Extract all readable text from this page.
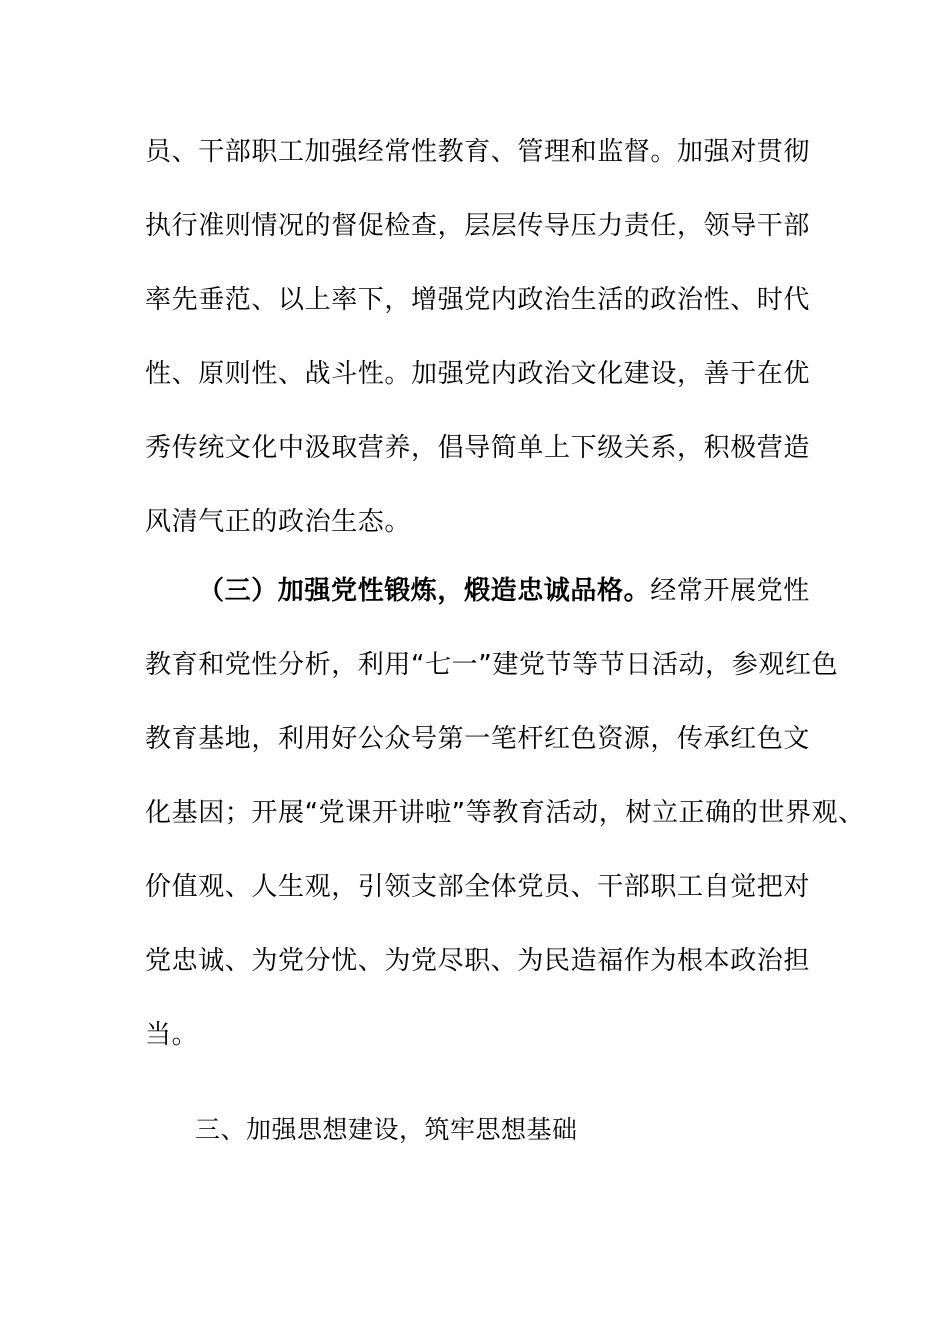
员、干部职工加强经常性教育、管理和监督。加强对贯彻
执行准则情况的督促检查，层层传导压力责任，领导干部
率先垂范、以上率下，增强党内政治生活的政治性、时代
性、原则性、战斗性。加强党内政治文化建设，善于在优
秀传统文化中汲取营养，倡导简单上下级关系，积极营造
风清气正的政治生态。
（三）加强党性锻炼，煅造忠诚品格。经常开展党性
教育和党性分析，利用“七一”建党节等节日活动，参观红色
教育基地，利用好公众号第一笔杆红色资源，传承红色文
化基因；开展“党课开讲啦”等教育活动，树立正确的世界观、
价值观、人生观，引领支部全体党员、干部职工自觉把对
党忠诚、为党分忧、为党尽职、为民造福作为根本政治担
当。
三、加强思想建设，筑牢思想基础
